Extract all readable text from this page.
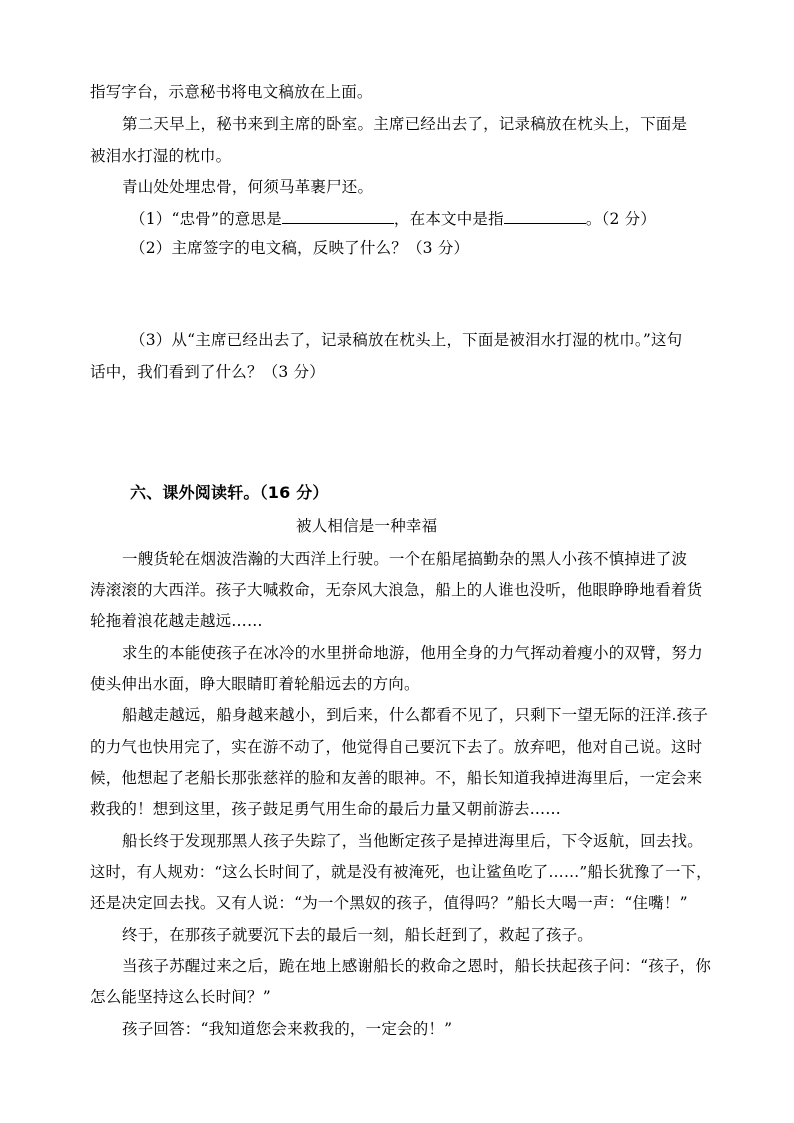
指写字台，示意秘书将电文稿放在上面。
第二天早上，秘书来到主席的卧室。主席已经出去了，记录稿放在枕头上，下面是
被泪水打湿的枕巾。
青山处处埋忠骨，何须马革裹尸还。
（1）“忠骨”的意思是	，在本文中是指	。（2 分）
（2）主席签字的电文稿，反映了什么？（3 分）
（3）从“主席已经出去了，记录稿放在枕头上，下面是被泪水打湿的枕巾。”这句
话中，我们看到了什么？（3 分）
六、课外阅读轩。（16 分）
被人相信是一种幸福
一艘货轮在烟波浩瀚的大西洋上行驶。一个在船尾搞勤杂的黑人小孩不慎掉进了波
涛滚滚的大西洋。孩子大喊救命，无奈风大浪急，船上的人谁也没听，他眼睁睁地看着货
轮拖着浪花越走越远……
求生的本能使孩子在冰冷的水里拼命地游，他用全身的力气挥动着瘦小的双臂，努力
使头伸出水面，睁大眼睛盯着轮船远去的方向。
船越走越远，船身越来越小，到后来，什么都看不见了，只剩下一望无际的汪洋.孩子
的力气也快用完了，实在游不动了，他觉得自己要沉下去了。放弃吧，他对自己说。这时
候，他想起了老船长那张慈祥的脸和友善的眼神。不，船长知道我掉进海里后，一定会来
救我的！想到这里，孩子鼓足勇气用生命的最后力量又朝前游去……
船长终于发现那黑人孩子失踪了，当他断定孩子是掉进海里后，下令返航，回去找。
这时，有人规劝：“这么长时间了，就是没有被淹死，也让鲨鱼吃了……”船长犹豫了一下，
还是决定回去找。又有人说：“为一个黑奴的孩子，值得吗？”船长大喝一声：“住嘴！”
终于，在那孩子就要沉下去的最后一刻，船长赶到了，救起了孩子。
当孩子苏醒过来之后，跪在地上感谢船长的救命之恩时，船长扶起孩子问：“孩子，你
怎么能坚持这么长时间？”
孩子回答：“我知道您会来救我的，一定会的！”
